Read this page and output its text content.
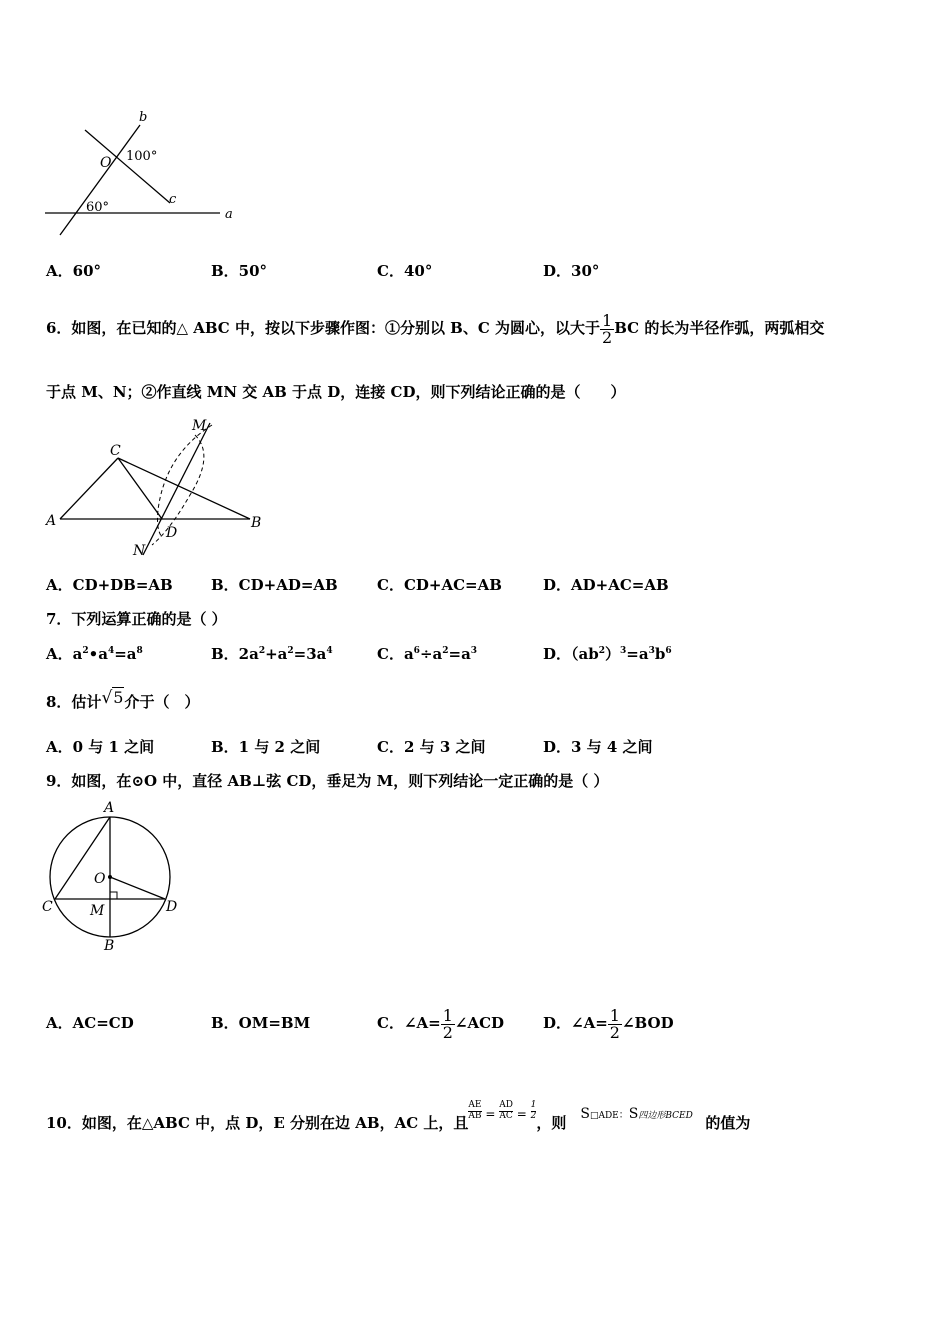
b
O 100°
c
60°	a
A．60°	B．50°	C．40°	D．30°
6．如图，在已知的△ ABC 中，按以下步骤作图：①分别以 B、C 为圆心，以大于 $\frac{1}{2}$ BC 的长为半径作弧，两弧相交
于点 M、N；②作直线 MN 交 AB 于点 D，连接 CD，则下列结论正确的是（　　）
M
C
A	B
D
N
A．CD+DB=AB	B．CD+AD=AB	C．CD+AC=AB	D．AD+AC=AB
7．下列运算正确的是（ ）
A．$a^2•a^4=a^8$	B．$2a^2+a^2=3a^4$	C．$a^6\div a^2=a^3$	D．$(ab^2)^3=a^3b^6$
8．估计√5介于（　）
A．0 与 1 之间	B．1 与 2 之间	C．2 与 3 之间	D．3 与 4 之间
9．如图，在⊙O 中，直径 AB⊥弦 CD，垂足为 M，则下列结论一定正确的是（ ）
A
O
C	M	D
B
A．AC=CD	B．OM=BM	C．∠A= $\frac{1}{2}$ ∠ACD	D．∠A= $\frac{1}{2}$ ∠BOD
10．如图，在△ABC 中，点 D，E 分别在边 AB，AC 上，且
$\frac{AE}{AB} ^= \frac{AD}{AC} ^= \frac{1}{2}$
，则 S□ADE：S四边形BCED 的值为
